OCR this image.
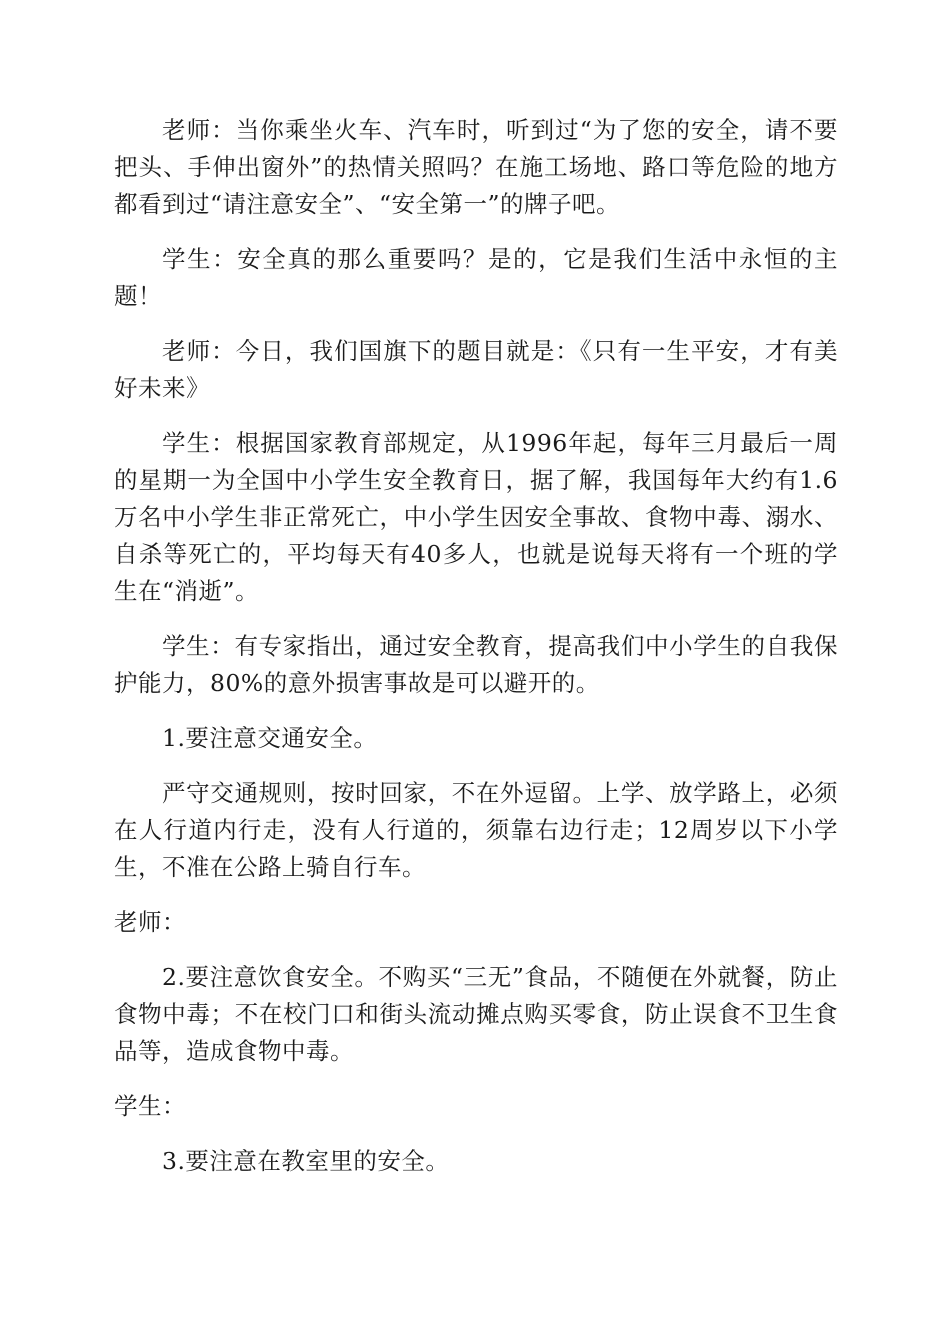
老师：当你乘坐火车、汽车时，听到过“为了您的安全，请不要把头、手伸出窗外”的热情关照吗？在施工场地、路口等危险的地方都看到过“请注意安全”、“安全第一”的牌子吧。

学生：安全真的那么重要吗？是的，它是我们生活中永恒的主题！

老师：今日，我们国旗下的题目就是：《只有一生平安，才有美好未来》

学生：根据国家教育部规定，从1996年起，每年三月最后一周的星期一为全国中小学生安全教育日，据了解，我国每年大约有1.6万名中小学生非正常死亡，中小学生因安全事故、食物中毒、溺水、自杀等死亡的，平均每天有40多人，也就是说每天将有一个班的学生在“消逝”。

学生：有专家指出，通过安全教育，提高我们中小学生的自我保护能力，80%的意外损害事故是可以避开的。

1.要注意交通安全。

严守交通规则，按时回家，不在外逗留。上学、放学路上，必须在人行道内行走，没有人行道的，须靠右边行走；12周岁以下小学生，不准在公路上骑自行车。

老师：

2.要注意饮食安全。不购买“三无”食品，不随便在外就餐，防止食物中毒；不在校门口和街头流动摊点购买零食，防止误食不卫生食品等，造成食物中毒。

学生：

3.要注意在教室里的安全。
